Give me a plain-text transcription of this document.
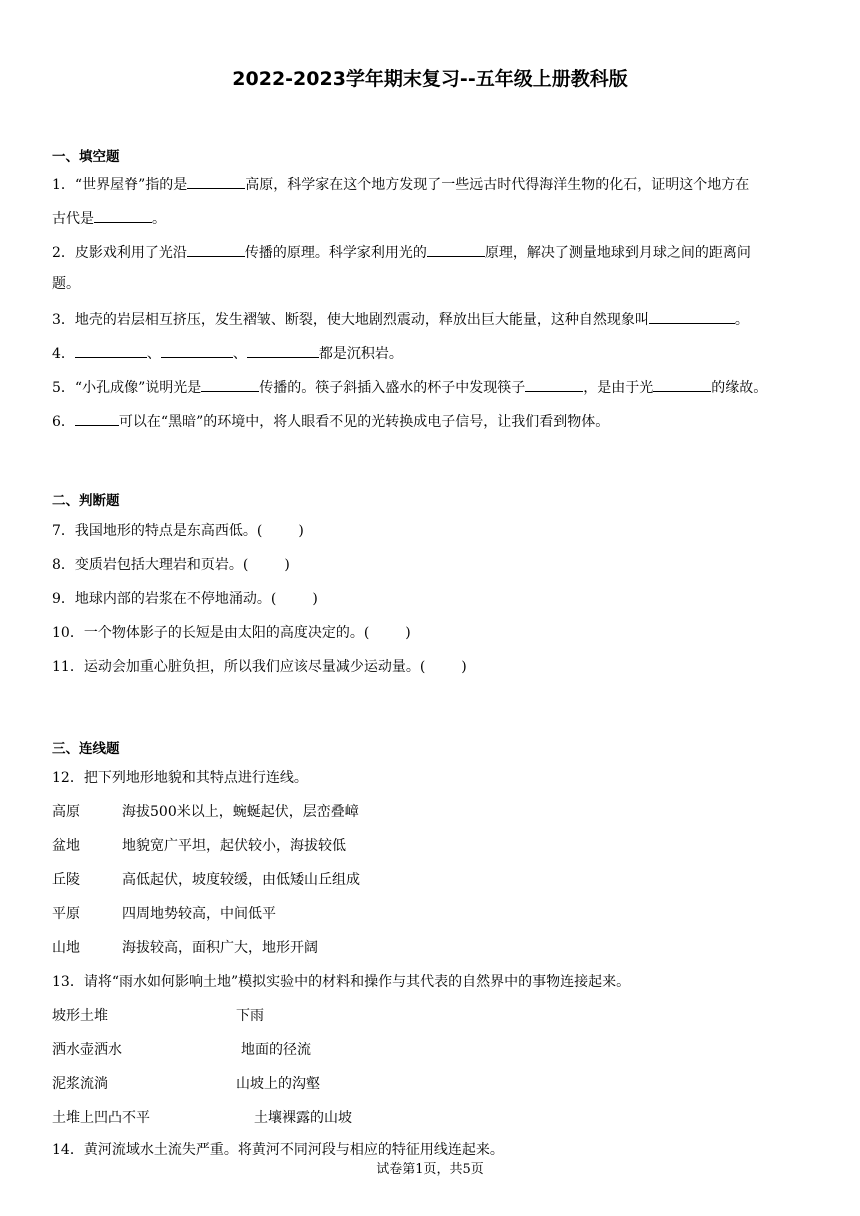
2022-2023学年期末复习--五年级上册教科版
一、填空题
1．“世界屋脊”指的是	高原，科学家在这个地方发现了一些远古时代得海洋生物的化石，证明这个地方在
古代是	。
2．皮影戏利用了光沿	传播的原理。科学家利用光的	原理，解决了测量地球到月球之间的距离问
题。
3．地壳的岩层相互挤压，发生褶皱、断裂，使大地剧烈震动，释放出巨大能量，这种自然现象叫	。
4．	、	、	都是沉积岩。
5．“小孔成像”说明光是	传播的。筷子斜插入盛水的杯子中发现筷子	，是由于光	的缘故。
6．	可以在“黑暗”的环境中，将人眼看不见的光转换成电子信号，让我们看到物体。
二、判断题
7．我国地形的特点是东高西低。(	)
8．变质岩包括大理岩和页岩。(	)
9．地球内部的岩浆在不停地涌动。(	)
10．一个物体影子的长短是由太阳的高度决定的。(	)
11．运动会加重心脏负担，所以我们应该尽量减少运动量。(	)
三、连线题
12．把下列地形地貌和其特点进行连线。
高原	海拔500米以上，蜿蜒起伏，层峦叠嶂
盆地	地貌宽广平坦，起伏较小，海拔较低
丘陵	高低起伏，坡度较缓，由低矮山丘组成
平原	四周地势较高，中间低平
山地	海拔较高，面积广大，地形开阔
13．请将“雨水如何影响土地”模拟实验中的材料和操作与其代表的自然界中的事物连接起来。
坡形土堆	下雨
洒水壶洒水	地面的径流
泥浆流淌	山坡上的沟壑
土堆上凹凸不平	土壤裸露的山坡
14．黄河流域水土流失严重。将黄河不同河段与相应的特征用线连起来。
试卷第1页，共5页
